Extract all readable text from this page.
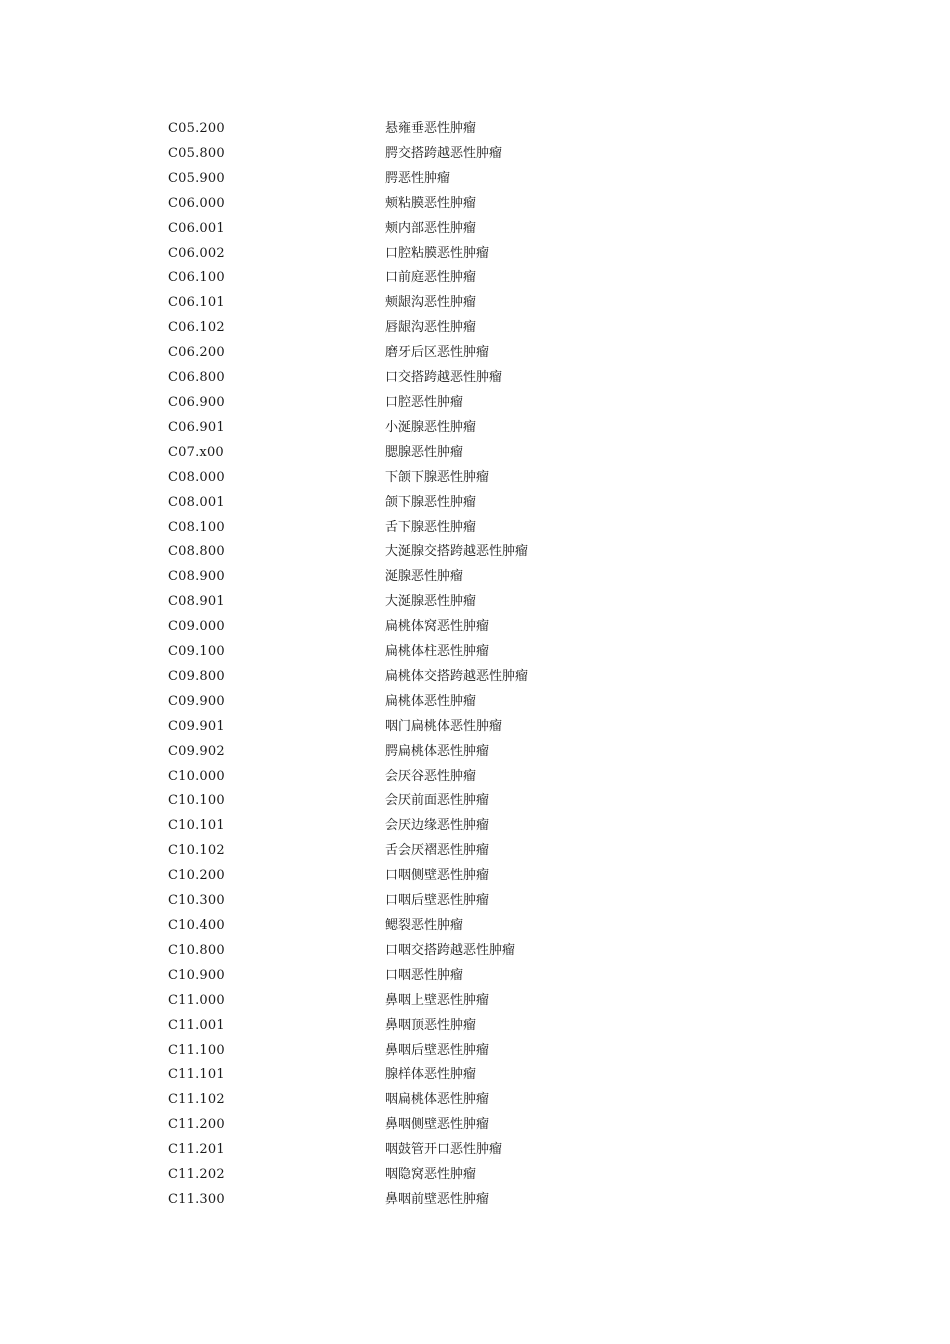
C05.200	悬雍垂恶性肿瘤
C05.800	腭交搭跨越恶性肿瘤
C05.900	腭恶性肿瘤
C06.000	颊粘膜恶性肿瘤
C06.001	颊内部恶性肿瘤
C06.002	口腔粘膜恶性肿瘤
C06.100	口前庭恶性肿瘤
C06.101	颊龈沟恶性肿瘤
C06.102	唇龈沟恶性肿瘤
C06.200	磨牙后区恶性肿瘤
C06.800	口交搭跨越恶性肿瘤
C06.900	口腔恶性肿瘤
C06.901	小涎腺恶性肿瘤
C07.x00	腮腺恶性肿瘤
C08.000	下颌下腺恶性肿瘤
C08.001	颌下腺恶性肿瘤
C08.100	舌下腺恶性肿瘤
C08.800	大涎腺交搭跨越恶性肿瘤
C08.900	涎腺恶性肿瘤
C08.901	大涎腺恶性肿瘤
C09.000	扁桃体窝恶性肿瘤
C09.100	扁桃体柱恶性肿瘤
C09.800	扁桃体交搭跨越恶性肿瘤
C09.900	扁桃体恶性肿瘤
C09.901	咽门扁桃体恶性肿瘤
C09.902	腭扁桃体恶性肿瘤
C10.000	会厌谷恶性肿瘤
C10.100	会厌前面恶性肿瘤
C10.101	会厌边缘恶性肿瘤
C10.102	舌会厌褶恶性肿瘤
C10.200	口咽侧壁恶性肿瘤
C10.300	口咽后壁恶性肿瘤
C10.400	鳃裂恶性肿瘤
C10.800	口咽交搭跨越恶性肿瘤
C10.900	口咽恶性肿瘤
C11.000	鼻咽上壁恶性肿瘤
C11.001	鼻咽顶恶性肿瘤
C11.100	鼻咽后壁恶性肿瘤
C11.101	腺样体恶性肿瘤
C11.102	咽扁桃体恶性肿瘤
C11.200	鼻咽侧壁恶性肿瘤
C11.201	咽鼓管开口恶性肿瘤
C11.202	咽隐窝恶性肿瘤
C11.300	鼻咽前壁恶性肿瘤
